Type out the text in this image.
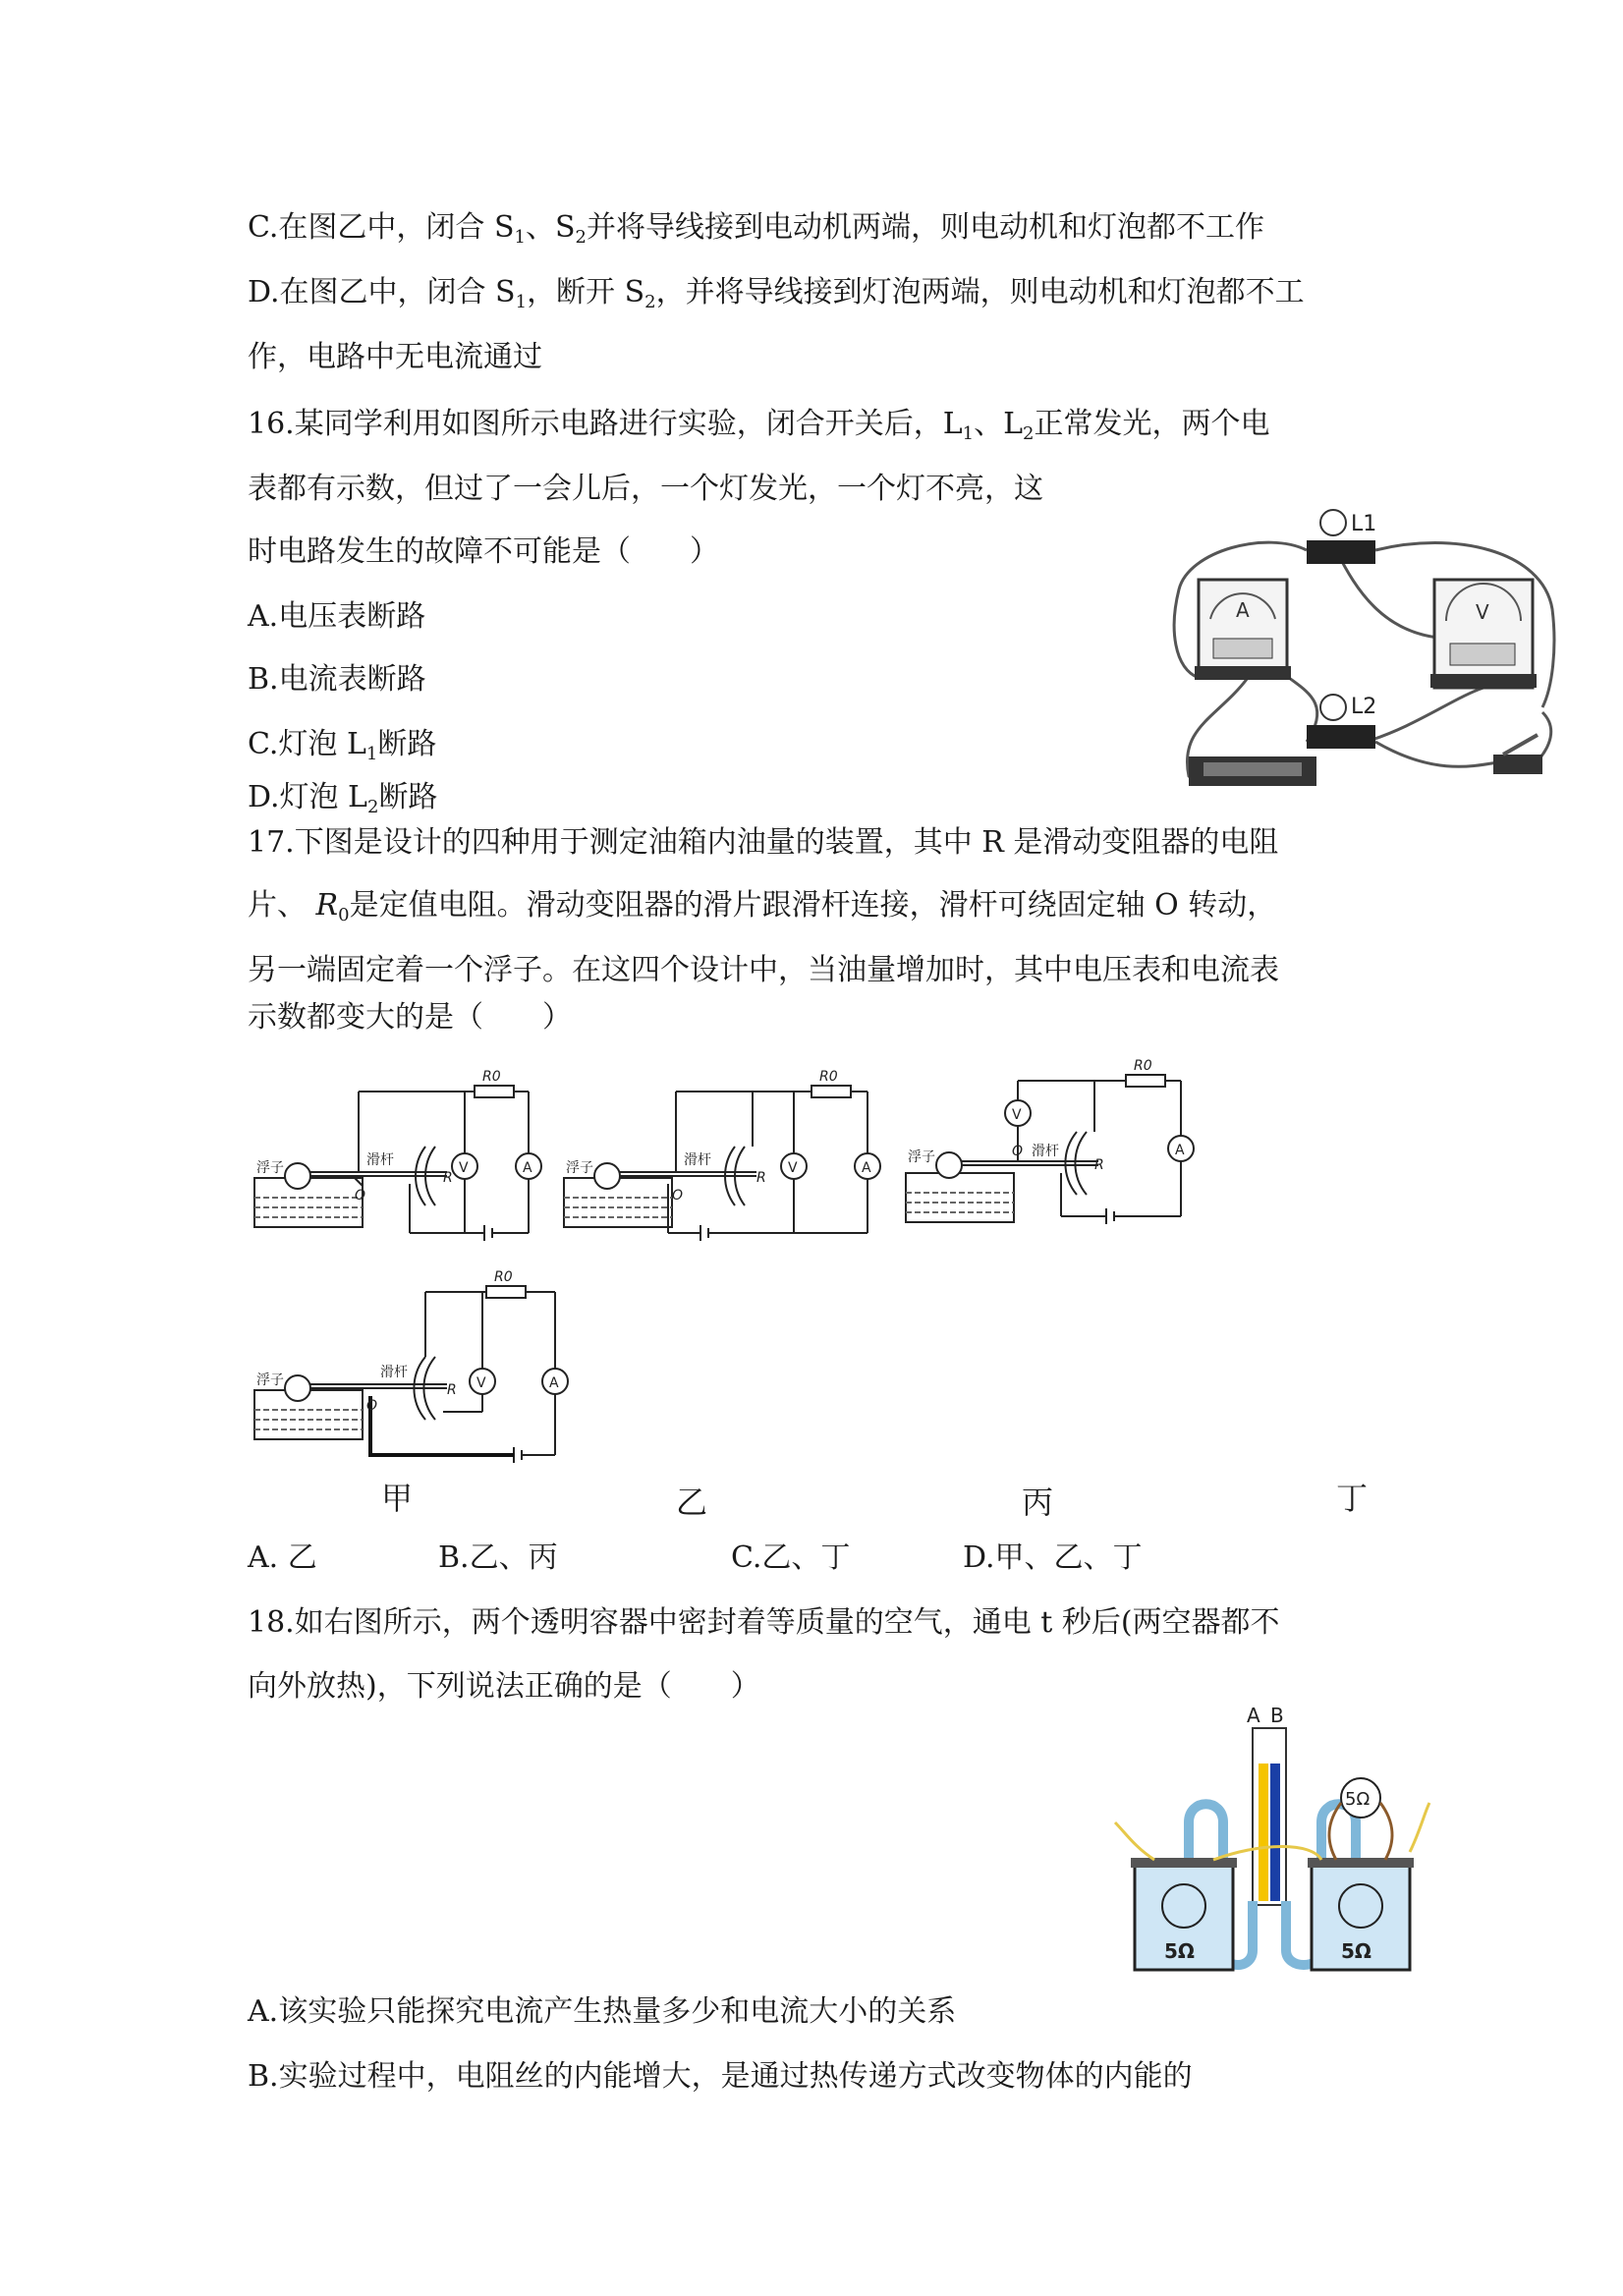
C.在图乙中，闭合 $S_1$、$S_2$并将导线接到电动机两端，则电动机和灯泡都不工作
D.在图乙中，闭合 $S_1$，断开 $S_2$，并将导线接到灯泡两端，则电动机和灯泡都不工
作，电路中无电流通过
16.某同学利用如图所示电路进行实验，闭合开关后，$L_1$、$L_2$正常发光，两个电
表都有示数，但过了一会儿后，一个灯发光，一个灯不亮，这
时电路发生的故障不可能是（　　）
A.电压表断路
B.电流表断路
C.灯泡 $L_1$断路
D.灯泡 $L_2$断路
L1
L2
A	V
17.下图是设计的四种用于测定油箱内油量的装置，其中 R 是滑动变阻器的电阻
片、 $R_0$是定值电阻。滑动变阻器的滑片跟滑杆连接，滑杆可绕固定轴 O 转动，
另一端固定着一个浮子。在这四个设计中，当油量增加时，其中电压表和电流表
示数都变大的是（　　）
R0
V	A
R
O
滑杆
浮子
R0
V	A
R
O
滑杆
浮子
V
R0
A
R
O 滑杆
浮子
R0
V	A
R
O
滑杆
浮子
甲	乙	丙	丁
A. 乙	B.乙、丙	C.乙、丁	D.甲、乙、丁
18.如右图所示，两个透明容器中密封着等质量的空气，通电 t 秒后(两空器都不
向外放热)，下列说法正确的是（　　）
A B
5Ω	5Ω
5Ω
A.该实验只能探究电流产生热量多少和电流大小的关系
B.实验过程中，电阻丝的内能增大，是通过热传递方式改变物体的内能的
